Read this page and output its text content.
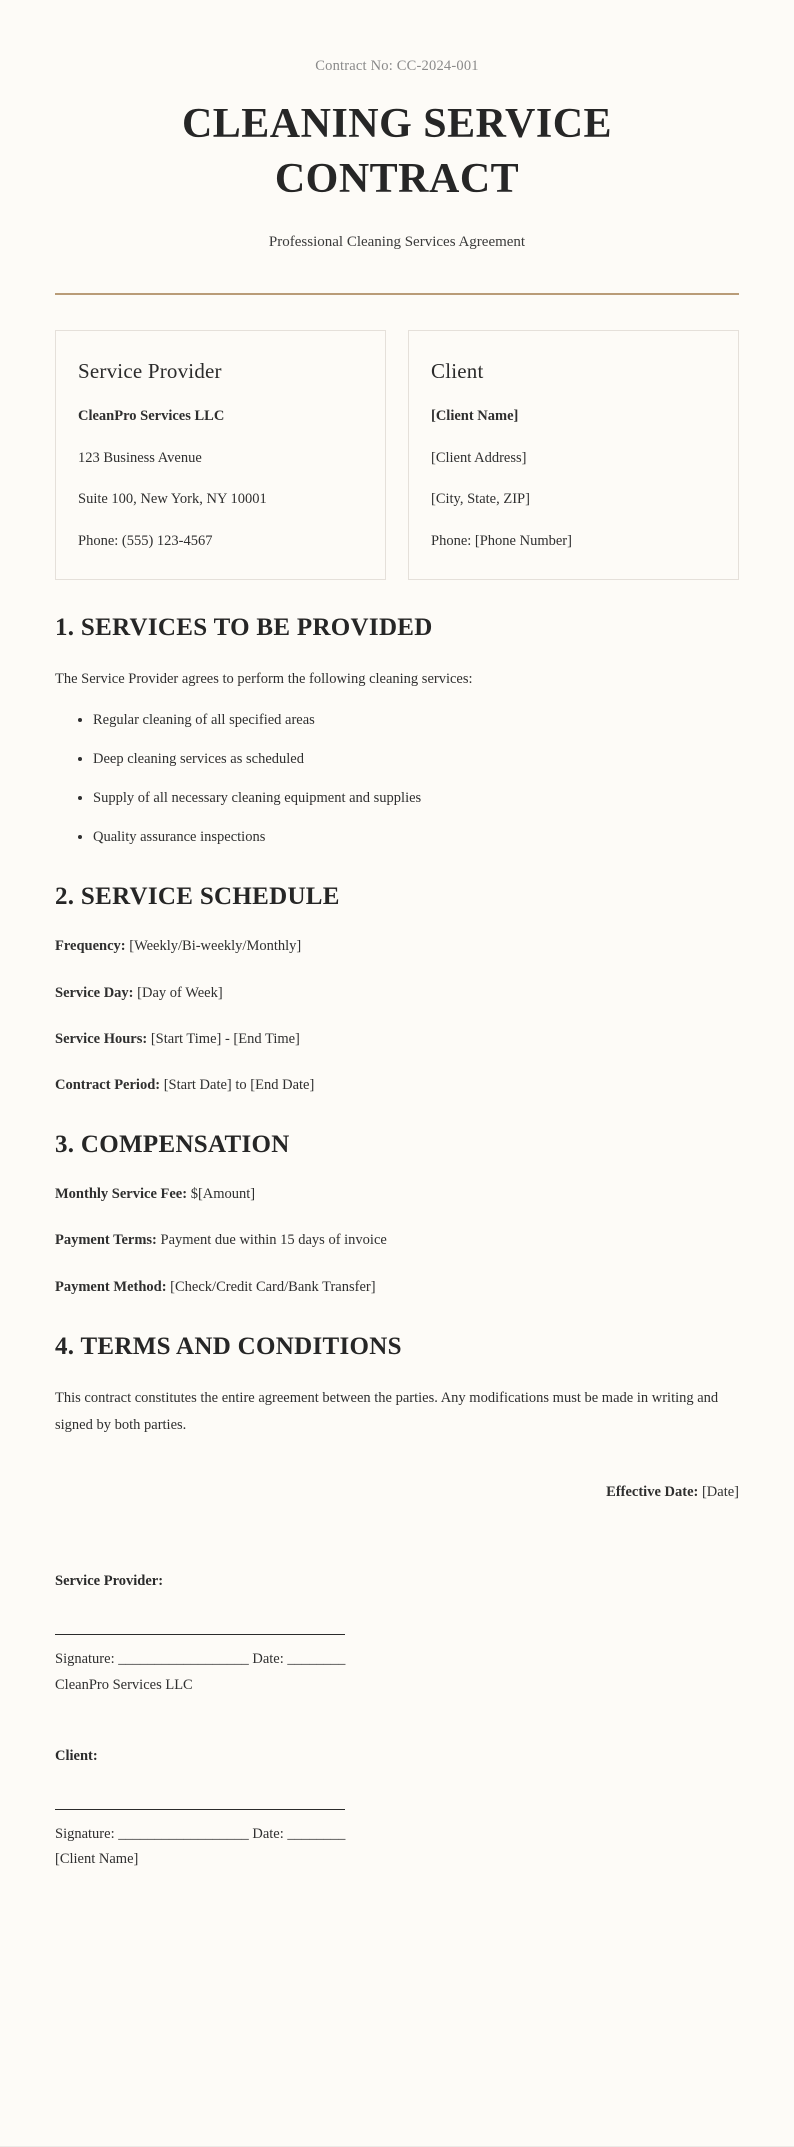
Contract No: CC-2024-001

CLEANING SERVICE CONTRACT

Professional Cleaning Services Agreement

Service Provider

CleanPro Services LLC

123 Business Avenue

Suite 100, New York, NY 10001

Phone: (555) 123-4567

Client

[Client Name]

[Client Address]

[City, State, ZIP]

Phone: [Phone Number]

1. SERVICES TO BE PROVIDED

The Service Provider agrees to perform the following cleaning services:

• Regular cleaning of all specified areas
• Deep cleaning services as scheduled
• Supply of all necessary cleaning equipment and supplies
• Quality assurance inspections
2. SERVICE SCHEDULE

Frequency: [Weekly/Bi-weekly/Monthly]

Service Day: [Day of Week]

Service Hours: [Start Time] - [End Time]

Contract Period: [Start Date] to [End Date]

3. COMPENSATION

Monthly Service Fee: $[Amount]

Payment Terms: Payment due within 15 days of invoice

Payment Method: [Check/Credit Card/Bank Transfer]

4. TERMS AND CONDITIONS

This contract constitutes the entire agreement between the parties. Any modifications must be made in writing and signed by both parties.

Effective Date: [Date]

Service Provider:

Signature: __________________ Date: ________

CleanPro Services LLC

Client:

Signature: __________________ Date: ________

[Client Name]
